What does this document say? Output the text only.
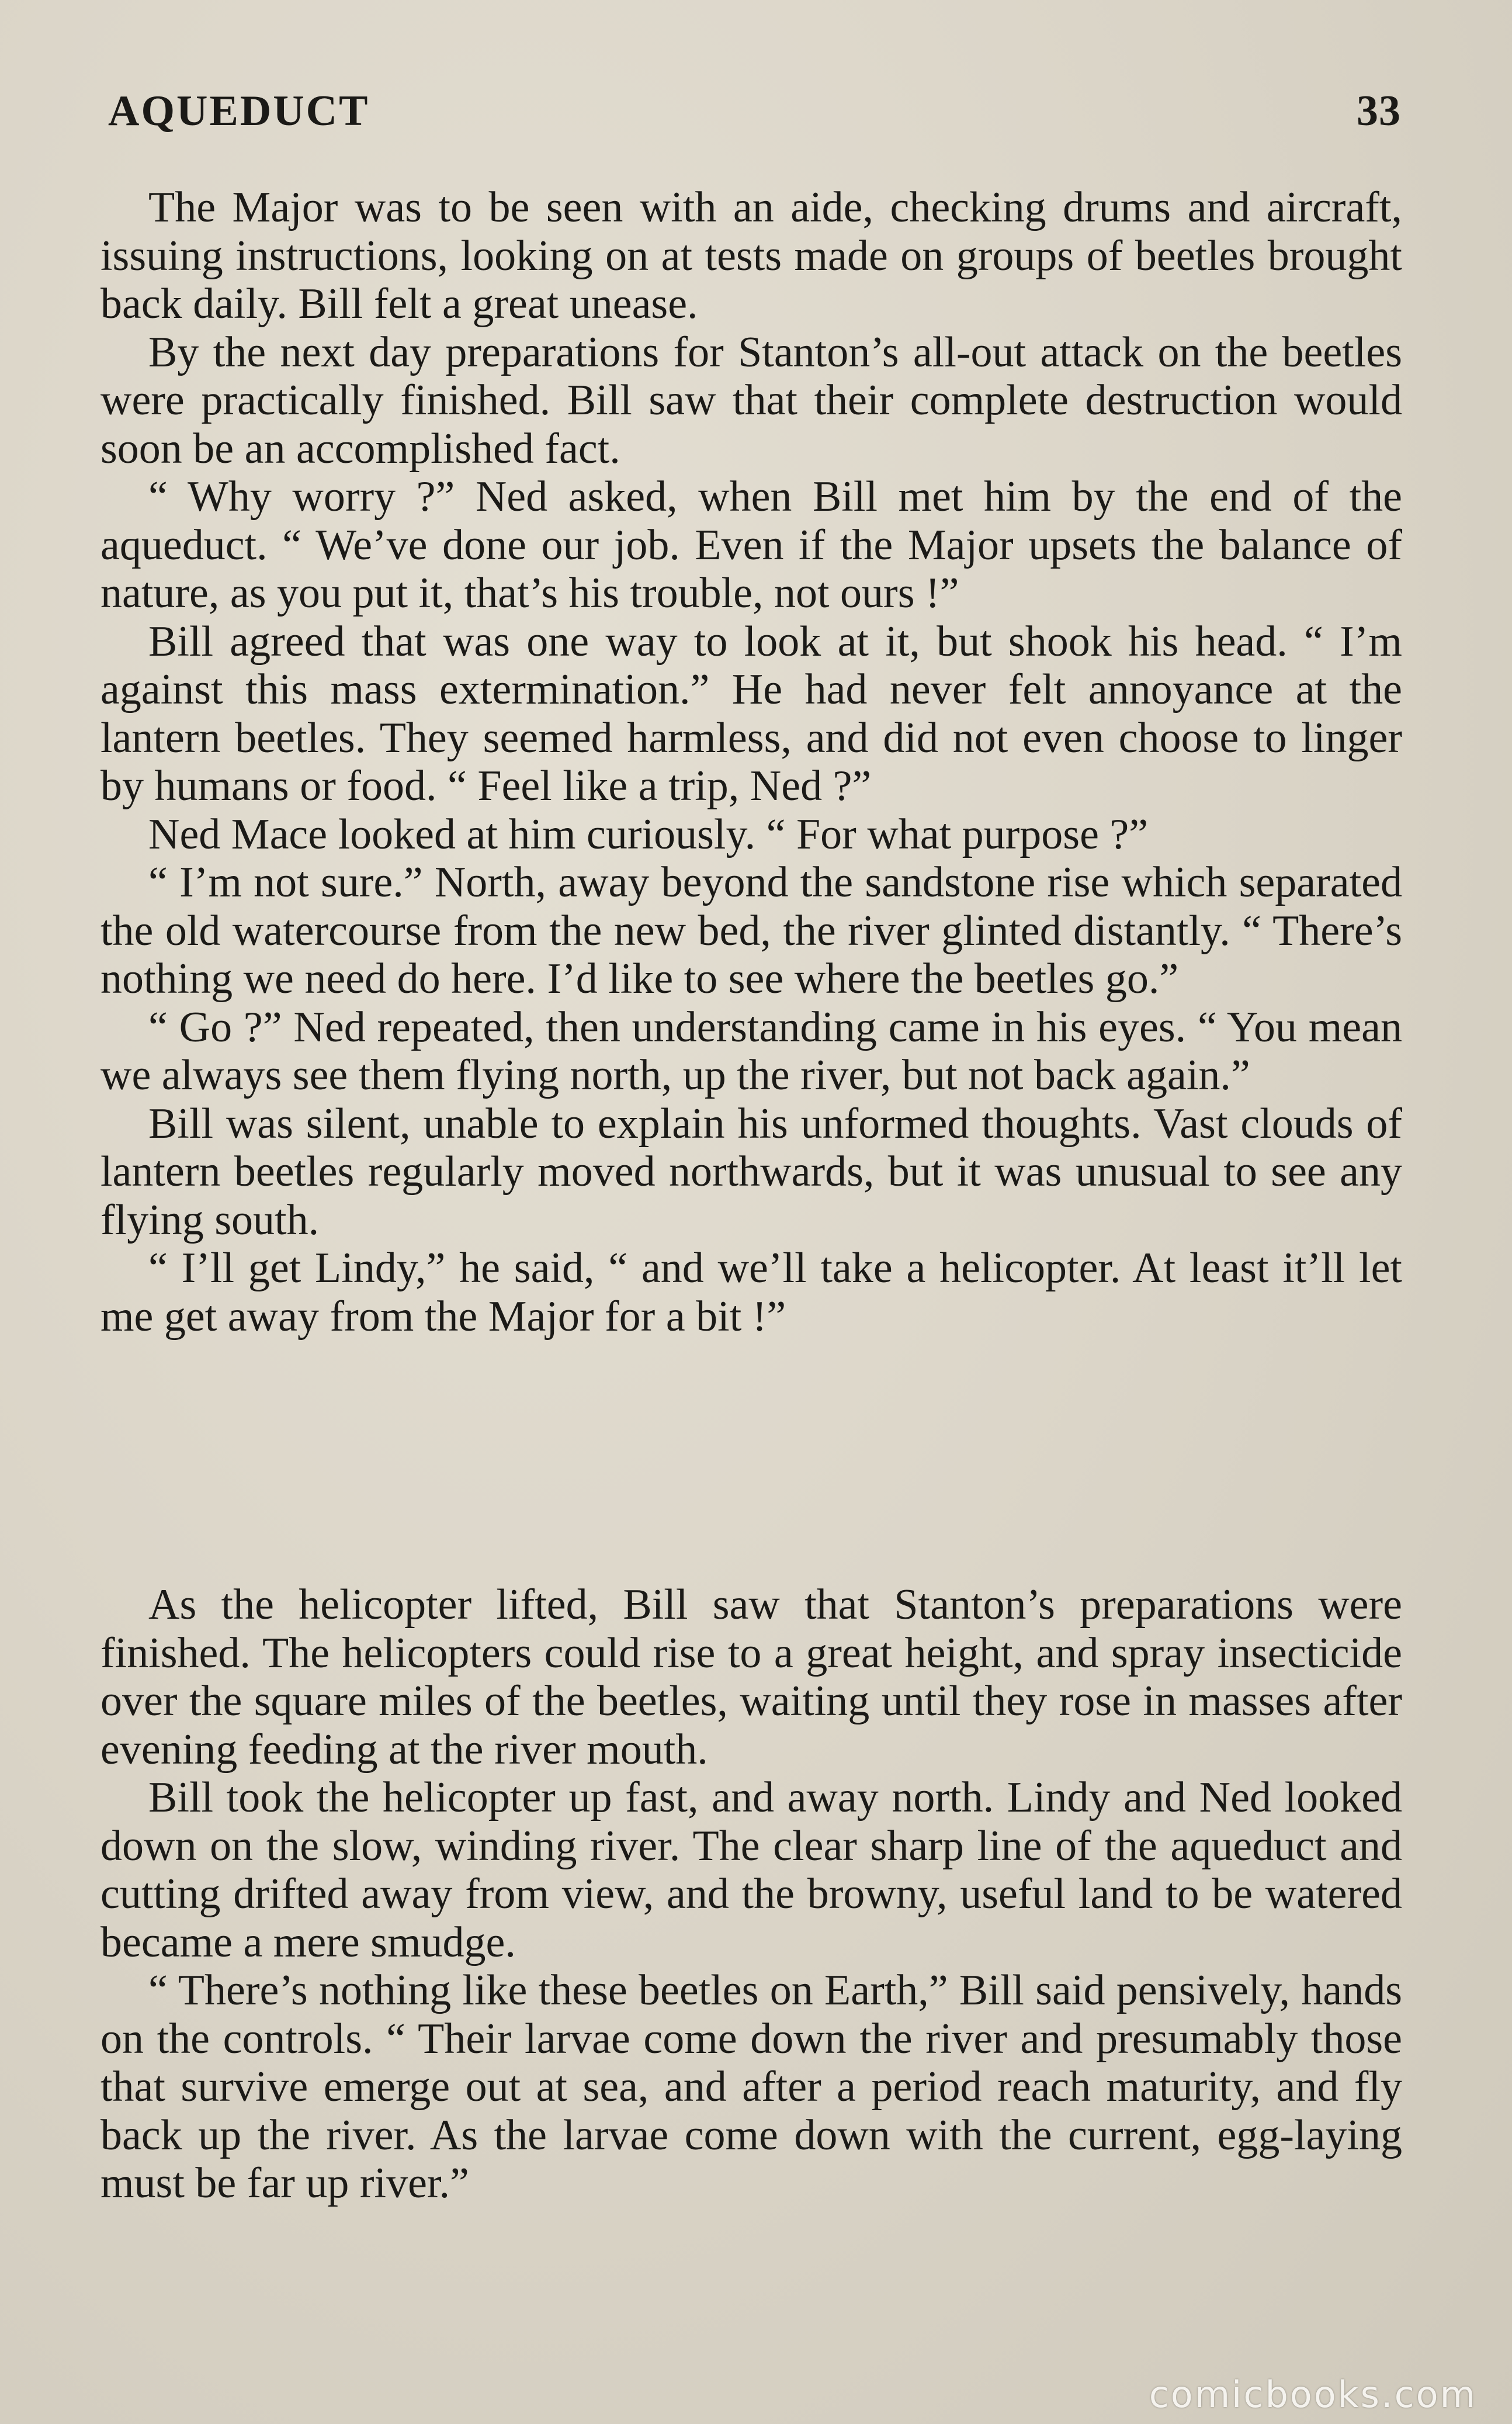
AQUEDUCT	33

The Major was to be seen with an aide, checking drums and aircraft, issuing instructions, looking on at tests made on groups of beetles brought back daily. Bill felt a great unease.

By the next day preparations for Stanton’s all-out attack on the beetles were practically finished. Bill saw that their complete destruction would soon be an accomplished fact.

“ Why worry ?” Ned asked, when Bill met him by the end of the aqueduct. “ We’ve done our job. Even if the Major upsets the balance of nature, as you put it, that’s his trouble, not ours !”

Bill agreed that was one way to look at it, but shook his head. “ I’m against this mass extermination.” He had never felt annoyance at the lantern beetles. They seemed harmless, and did not even choose to linger by humans or food. “ Feel like a trip, Ned ?”

Ned Mace looked at him curiously. “ For what purpose ?”

“ I’m not sure.” North, away beyond the sandstone rise which separated the old watercourse from the new bed, the river glinted distantly. “ There’s nothing we need do here. I’d like to see where the beetles go.”

“ Go ?” Ned repeated, then understanding came in his eyes. “ You mean we always see them flying north, up the river, but not back again.”

Bill was silent, unable to explain his unformed thoughts. Vast clouds of lantern beetles regularly moved northwards, but it was unusual to see any flying south.

“ I’ll get Lindy,” he said, “ and we’ll take a helicopter. At least it’ll let me get away from the Major for a bit !”

As the helicopter lifted, Bill saw that Stanton’s preparations were finished. The helicopters could rise to a great height, and spray insecticide over the square miles of the beetles, waiting until they rose in masses after evening feeding at the river mouth.

Bill took the helicopter up fast, and away north. Lindy and Ned looked down on the slow, winding river. The clear sharp line of the aqueduct and cutting drifted away from view, and the browny, useful land to be watered became a mere smudge.

“ There’s nothing like these beetles on Earth,” Bill said pensively, hands on the controls. “ Their larvae come down the river and presumably those that survive emerge out at sea, and after a period reach maturity, and fly back up the river. As the larvae come down with the current, egg-laying must be far up river.”

comicbooks.com
